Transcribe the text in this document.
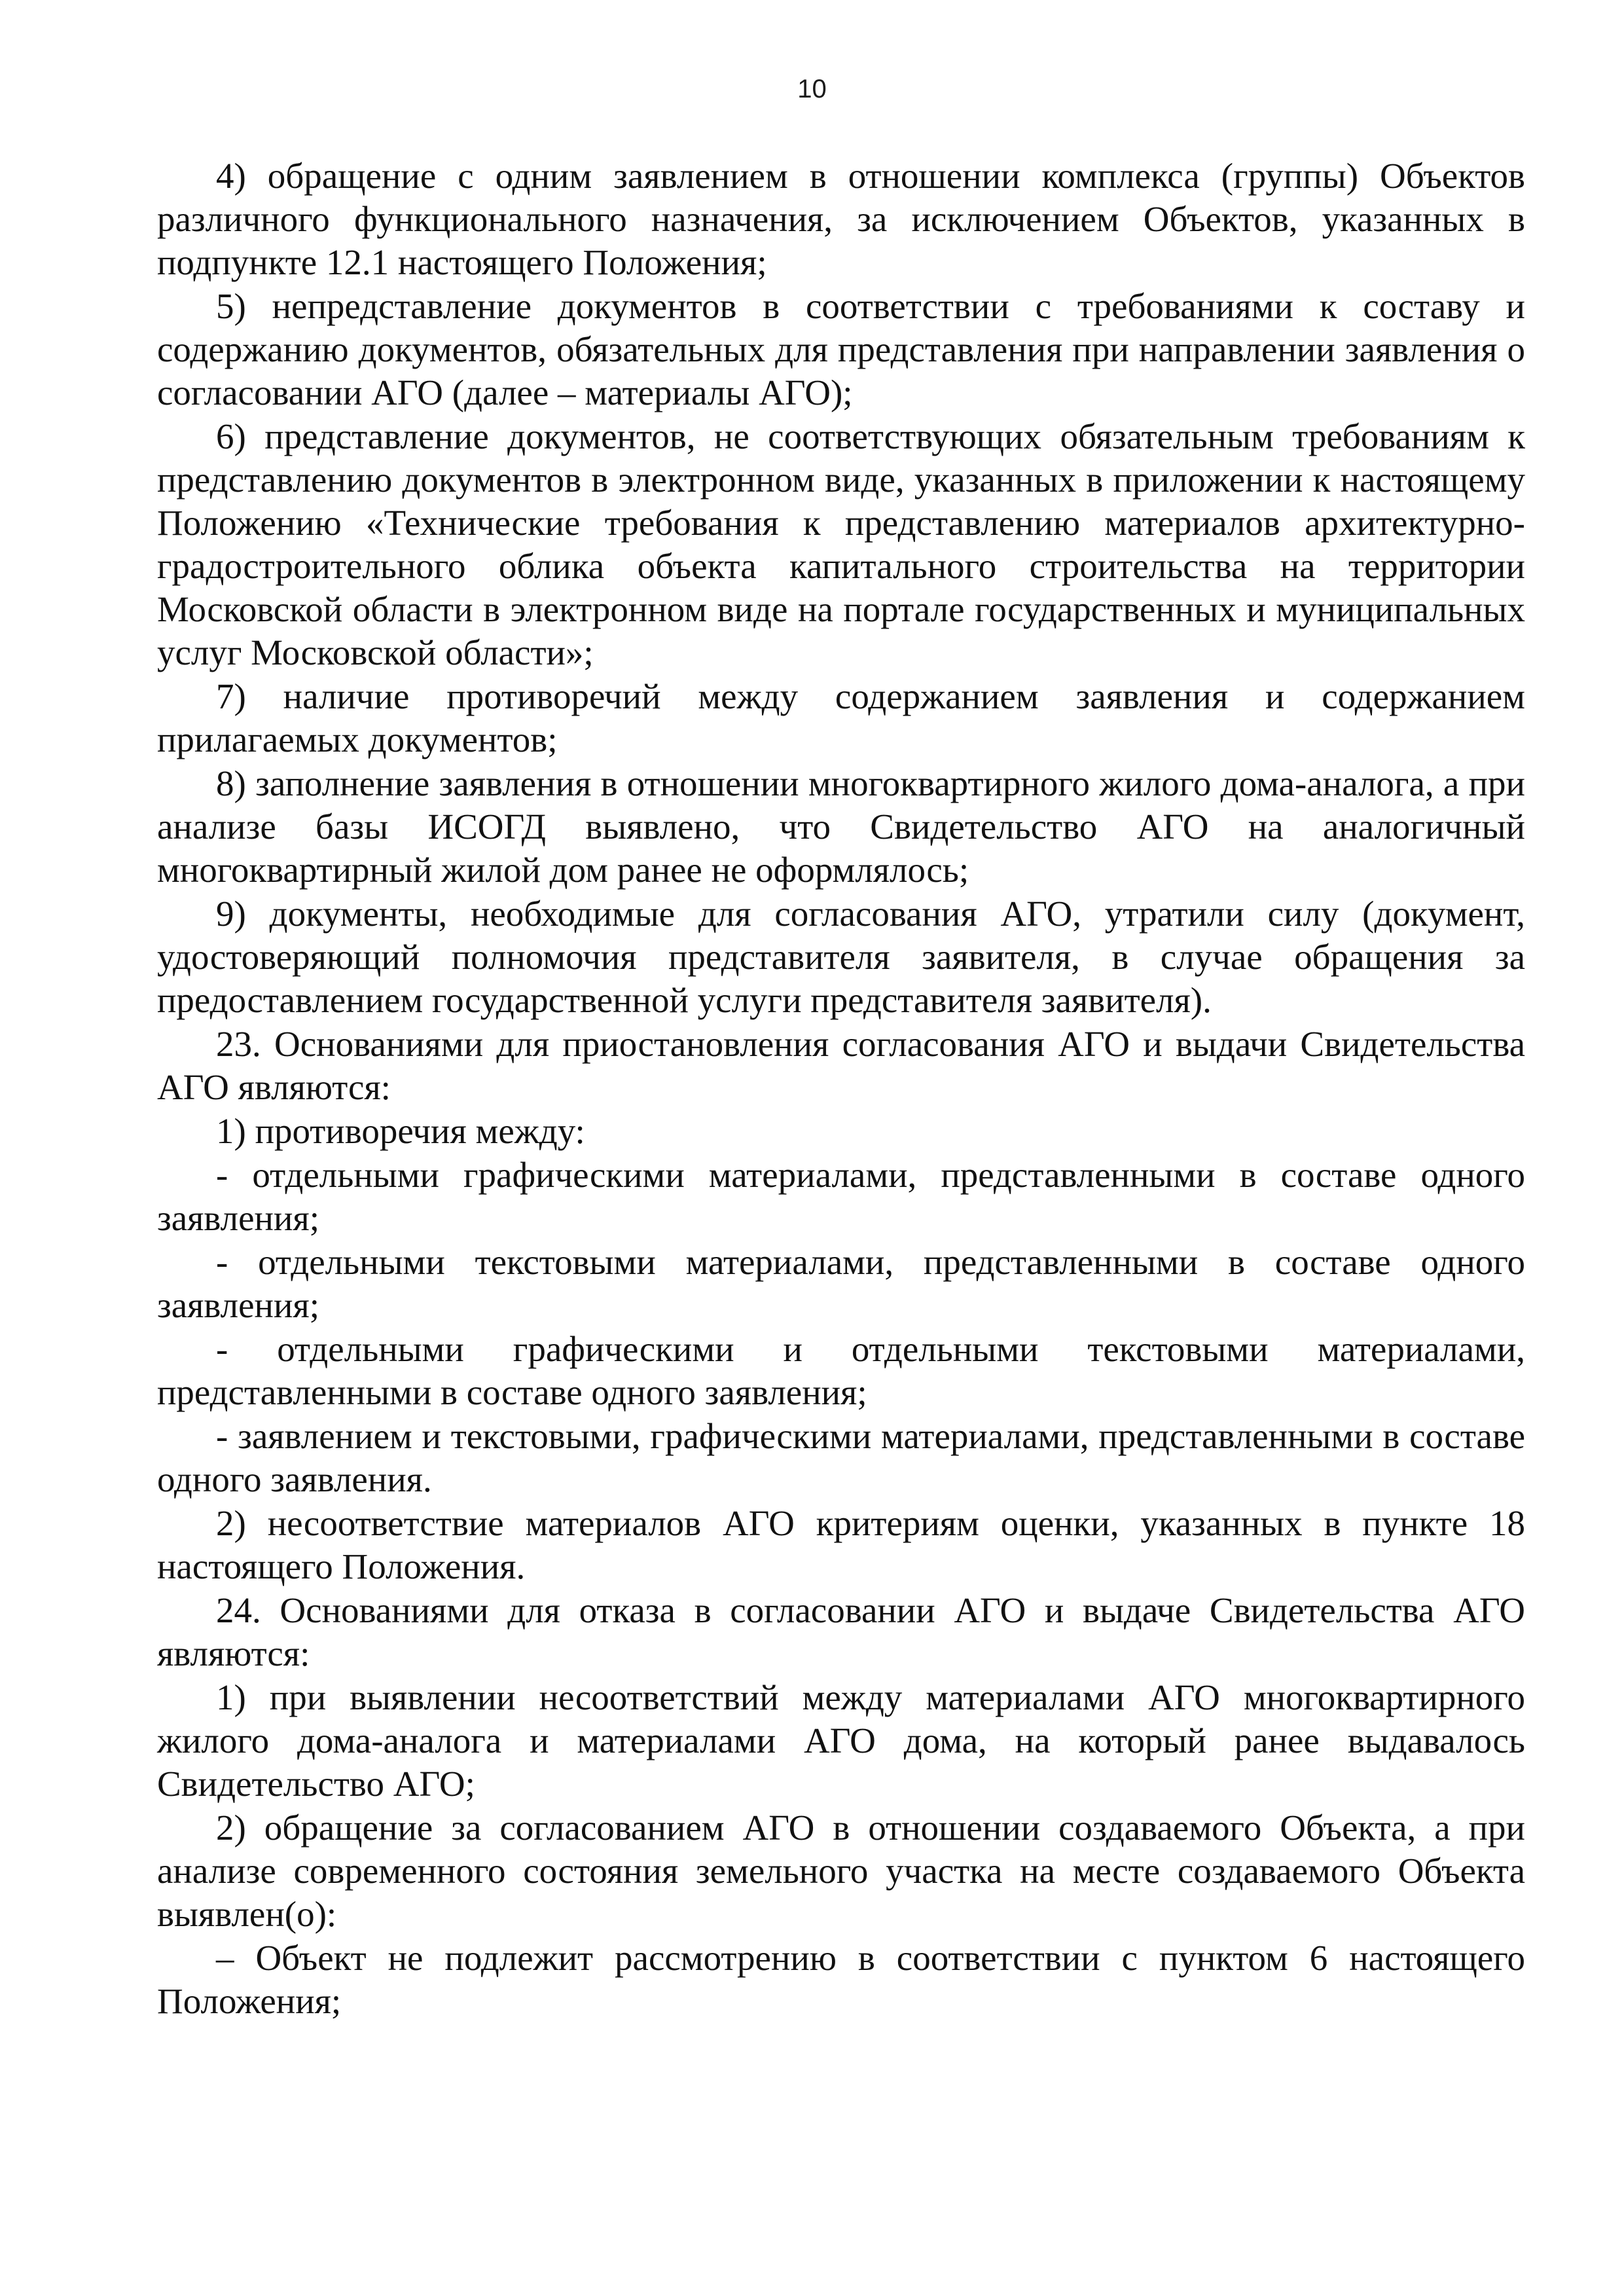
10

4) обращение с одним заявлением в отношении комплекса (группы) Объектов различного функционального назначения, за исключением Объектов, указанных в подпункте 12.1 настоящего Положения;

5) непредставление документов в соответствии с требованиями к составу и содержанию документов, обязательных для представления при направлении заявления о согласовании АГО (далее – материалы АГО);

6) представление документов, не соответствующих обязательным требованиям к представлению документов в электронном виде, указанных в приложении к настоящему Положению «Технические требования к представлению материалов архитектурно-градостроительного облика объекта капитального строительства на территории Московской области в электронном виде на портале государственных и муниципальных услуг Московской области»;

7) наличие противоречий между содержанием заявления и содержанием прилагаемых документов;

8) заполнение заявления в отношении многоквартирного жилого дома-аналога, а при анализе базы ИСОГД выявлено, что Свидетельство АГО на аналогичный многоквартирный жилой дом ранее не оформлялось;

9) документы, необходимые для согласования АГО, утратили силу (документ, удостоверяющий полномочия представителя заявителя, в случае обращения за предоставлением государственной услуги представителя заявителя).

23. Основаниями для приостановления согласования АГО и выдачи Свидетельства АГО являются:

1) противоречия между:

- отдельными графическими материалами, представленными в составе одного заявления;

- отдельными текстовыми материалами, представленными в составе одного заявления;

- отдельными графическими и отдельными текстовыми материалами, представленными в составе одного заявления;

- заявлением и текстовыми, графическими материалами, представленными в составе одного заявления.

2) несоответствие материалов АГО критериям оценки, указанных в пункте 18 настоящего Положения.

24. Основаниями для отказа в согласовании АГО и выдаче Свидетельства АГО являются:

1) при выявлении несоответствий между материалами АГО многоквартирного жилого дома-аналога и материалами АГО дома, на который ранее выдавалось Свидетельство АГО;

2) обращение за согласованием АГО в отношении создаваемого Объекта, а при анализе современного состояния земельного участка на месте создаваемого Объекта выявлен(о):

– Объект не подлежит рассмотрению в соответствии с пунктом 6 настоящего Положения;
